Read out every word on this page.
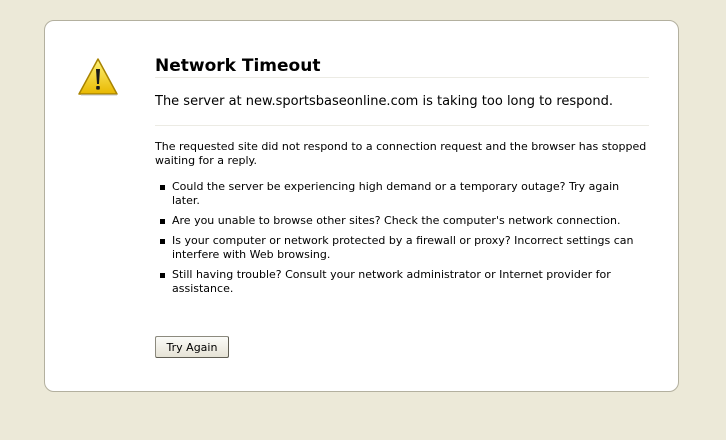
Network Timeout

The server at new.sportsbaseonline.com is taking too long to respond.

The requested site did not respond to a connection request and the browser has stopped waiting for a reply.

Could the server be experiencing high demand or a temporary outage? Try again later.
Are you unable to browse other sites? Check the computer's network connection.
Is your computer or network protected by a firewall or proxy? Incorrect settings can interfere with Web browsing.
Still having trouble? Consult your network administrator or Internet provider for assistance.
Try Again
